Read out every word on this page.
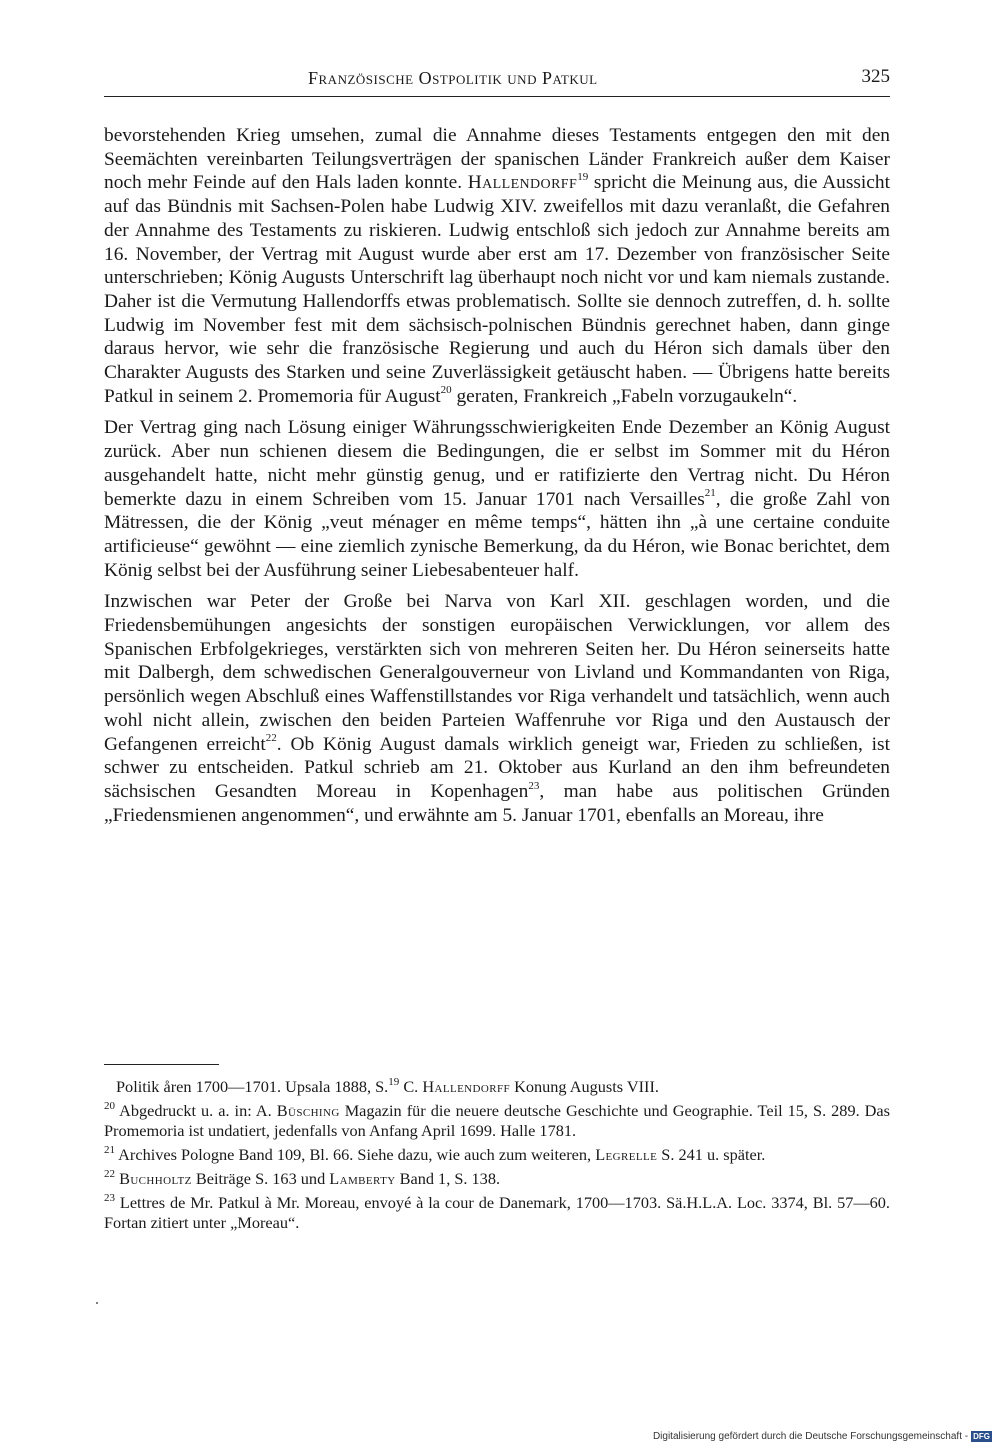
Französische Ostpolitik und Patkul	325

bevorstehenden Krieg umsehen, zumal die Annahme dieses Testaments entgegen den mit den Seemächten vereinbarten Teilungsverträgen der spanischen Länder Frankreich außer dem Kaiser noch mehr Feinde auf den Hals laden konnte. Hallendorff$^{19}$ spricht die Meinung aus, die Aussicht auf das Bündnis mit Sachsen-Polen habe Ludwig XIV. zweifellos mit dazu veranlaßt, die Gefahren der Annahme des Testaments zu riskieren. Ludwig entschloß sich jedoch zur Annahme bereits am 16. November, der Vertrag mit August wurde aber erst am 17. Dezember von französischer Seite unterschrieben; König Augusts Unterschrift lag überhaupt noch nicht vor und kam niemals zustande. Daher ist die Vermutung Hallendorffs etwas problematisch. Sollte sie dennoch zutreffen, d. h. sollte Ludwig im November fest mit dem sächsisch-polnischen Bündnis gerechnet haben, dann ginge daraus hervor, wie sehr die französische Regierung und auch du Héron sich damals über den Charakter Augusts des Starken und seine Zuverlässigkeit getäuscht haben. — Übrigens hatte bereits Patkul in seinem 2. Promemoria für August$^{20}$ geraten, Frankreich „Fabeln vorzugaukeln“.

Der Vertrag ging nach Lösung einiger Währungsschwierigkeiten Ende Dezember an König August zurück. Aber nun schienen diesem die Bedingungen, die er selbst im Sommer mit du Héron ausgehandelt hatte, nicht mehr günstig genug, und er ratifizierte den Vertrag nicht. Du Héron bemerkte dazu in einem Schreiben vom 15. Januar 1701 nach Versailles$^{21}$, die große Zahl von Mätressen, die der König „veut ménager en même temps“, hätten ihn „à une certaine conduite artificieuse“ gewöhnt — eine ziemlich zynische Bemerkung, da du Héron, wie Bonac berichtet, dem König selbst bei der Ausführung seiner Liebesabenteuer half.

Inzwischen war Peter der Große bei Narva von Karl XII. geschlagen worden, und die Friedensbemühungen angesichts der sonstigen europäischen Verwicklungen, vor allem des Spanischen Erbfolgekrieges, verstärkten sich von mehreren Seiten her. Du Héron seinerseits hatte mit Dalbergh, dem schwedischen Generalgouverneur von Livland und Kommandanten von Riga, persönlich wegen Abschluß eines Waffenstillstandes vor Riga verhandelt und tatsächlich, wenn auch wohl nicht allein, zwischen den beiden Parteien Waffenruhe vor Riga und den Austausch der Gefangenen erreicht$^{22}$. Ob König August damals wirklich geneigt war, Frieden zu schließen, ist schwer zu entscheiden. Patkul schrieb am 21. Oktober aus Kurland an den ihm befreundeten sächsischen Gesandten Moreau in Kopenhagen$^{23}$, man habe aus politischen Gründen „Friedensmienen angenommen“, und erwähnte am 5. Januar 1701, ebenfalls an Moreau, ihre

Politik åren 1700—1701. Upsala 1888, S.$^{19}$ C. Hallendorff Konung Augusts VIII.

$^{20}$ Abgedruckt u. a. in: A. Büsching Magazin für die neuere deutsche Geschichte und Geographie. Teil 15, S. 289. Das Promemoria ist undatiert, jedenfalls von Anfang April 1699. Halle 1781.

$^{21}$ Archives Pologne Band 109, Bl. 66. Siehe dazu, wie auch zum weiteren, Legrelle S. 241 u. später.

$^{22}$ Buchholtz Beiträge S. 163 und Lamberty Band 1, S. 138.

$^{23}$ Lettres de Mr. Patkul à Mr. Moreau, envoyé à la cour de Danemark, 1700—1703. Sä.H.L.A. Loc. 3374, Bl. 57—60. Fortan zitiert unter „Moreau“.

Digitalisierung gefördert durch die Deutsche Forschungsgemeinschaft - DFG
